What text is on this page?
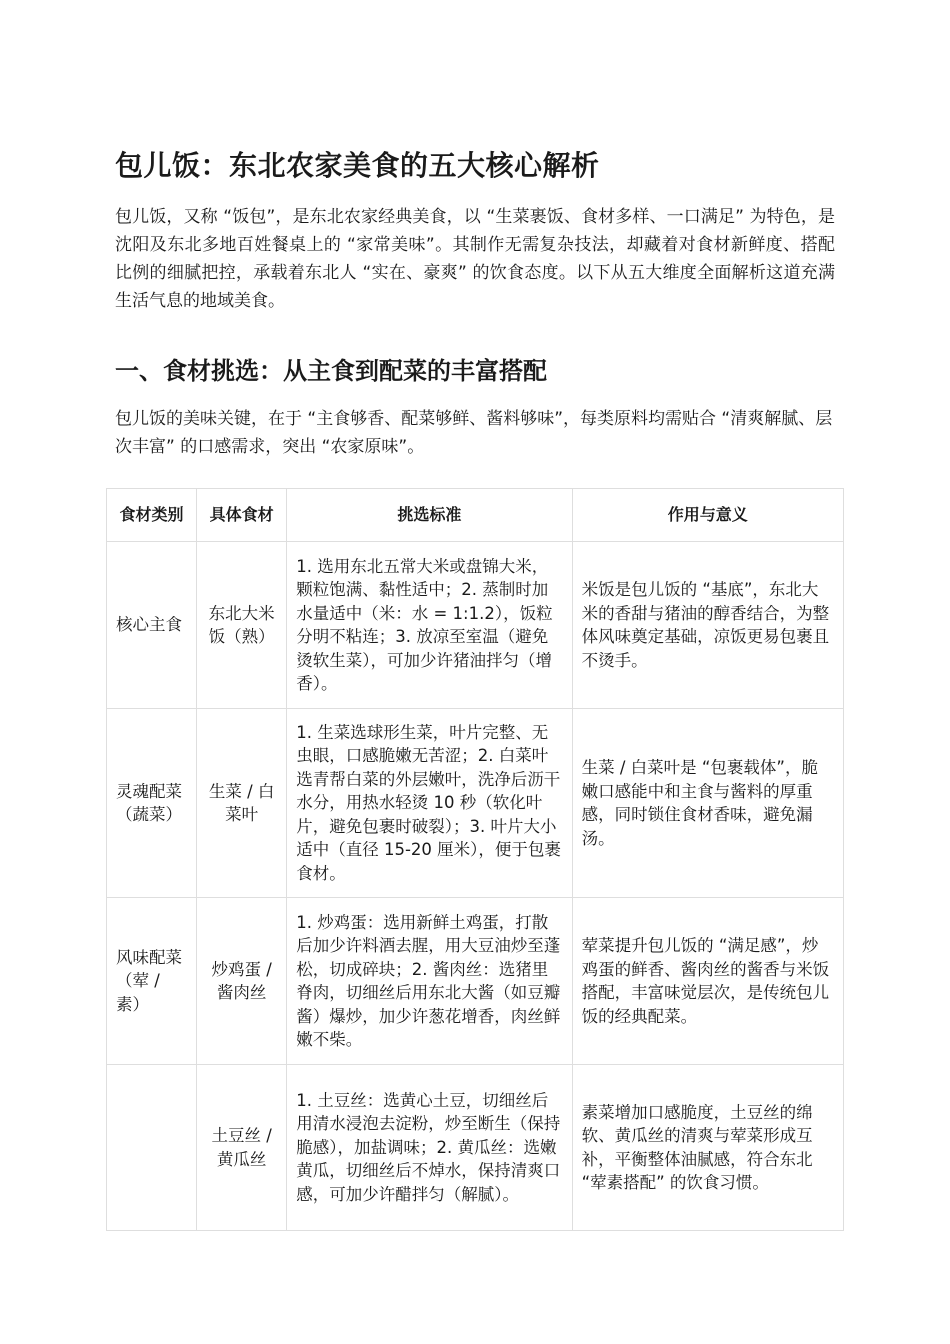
包儿饭：东北农家美食的五大核心解析

包儿饭，又称 “饭包”，是东北农家经典美食，以 “生菜裹饭、食材多样、一口满足” 为特色，是沈阳及东北多地百姓餐桌上的 “家常美味”。其制作无需复杂技法，却藏着对食材新鲜度、搭配比例的细腻把控，承载着东北人 “实在、豪爽” 的饮食态度。以下从五大维度全面解析这道充满生活气息的地域美食。

一、食材挑选：从主食到配菜的丰富搭配

包儿饭的美味关键，在于 “主食够香、配菜够鲜、酱料够味”，每类原料均需贴合 “清爽解腻、层次丰富” 的口感需求，突出 “农家原味”。

食材类别	具体食材	挑选标准	作用与意义
核心主食	东北大米饭（熟）	1. 选用东北五常大米或盘锦大米，颗粒饱满、黏性适中；2. 蒸制时加水量适中（米：水 = 1:1.2），饭粒分明不粘连；3. 放凉至室温（避免烫软生菜），可加少许猪油拌匀（增香）。	米饭是包儿饭的 “基底”，东北大米的香甜与猪油的醇香结合，为整体风味奠定基础，凉饭更易包裹且不烫手。
灵魂配菜（蔬菜）	生菜 / 白菜叶	1. 生菜选球形生菜，叶片完整、无虫眼，口感脆嫩无苦涩；2. 白菜叶选青帮白菜的外层嫩叶，洗净后沥干水分，用热水轻烫 10 秒（软化叶片，避免包裹时破裂）；3. 叶片大小适中（直径 15-20 厘米），便于包裹食材。	生菜 / 白菜叶是 “包裹载体”，脆嫩口感能中和主食与酱料的厚重感，同时锁住食材香味，避免漏汤。
风味配菜（荤 / 素）	炒鸡蛋 / 酱肉丝	1. 炒鸡蛋：选用新鲜土鸡蛋，打散后加少许料酒去腥，用大豆油炒至蓬松，切成碎块；2. 酱肉丝：选猪里脊肉，切细丝后用东北大酱（如豆瓣酱）爆炒，加少许葱花增香，肉丝鲜嫩不柴。	荤菜提升包儿饭的 “满足感”，炒鸡蛋的鲜香、酱肉丝的酱香与米饭搭配，丰富味觉层次，是传统包儿饭的经典配菜。
	土豆丝 / 黄瓜丝	1. 土豆丝：选黄心土豆，切细丝后用清水浸泡去淀粉，炒至断生（保持脆感），加盐调味；2. 黄瓜丝：选嫩黄瓜，切细丝后不焯水，保持清爽口感，可加少许醋拌匀（解腻）。	素菜增加口感脆度，土豆丝的绵软、黄瓜丝的清爽与荤菜形成互补，平衡整体油腻感，符合东北 “荤素搭配” 的饮食习惯。
